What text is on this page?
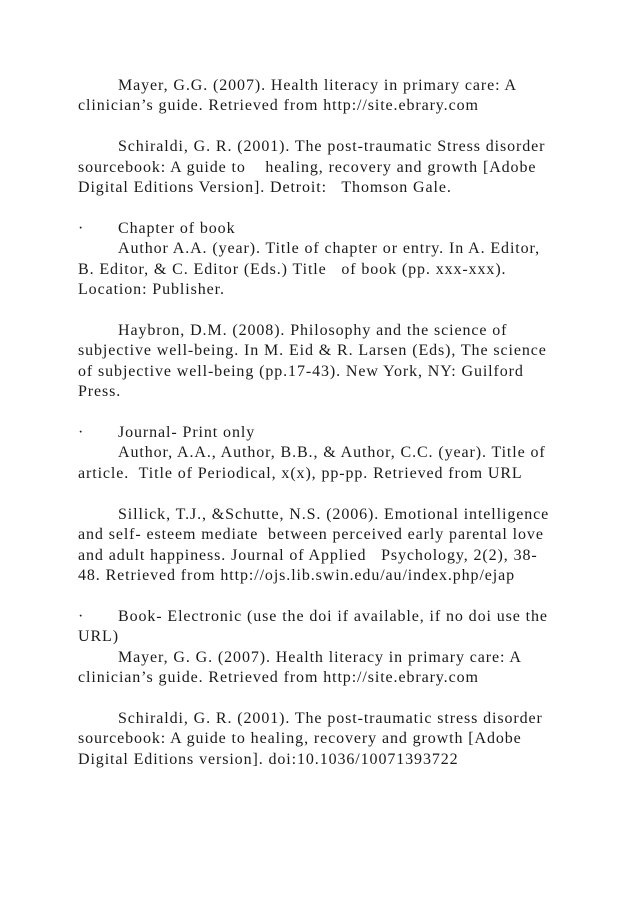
Mayer, G.G. (2007). Health literacy in primary care: A
clinician’s guide. Retrieved from http://site.ebrary.com
Schiraldi, G. R. (2001). The post-traumatic Stress disorder
sourcebook: A guide to    healing, recovery and growth [Adobe
Digital Editions Version]. Detroit:   Thomson Gale.
· Chapter of book
Author A.A. (year). Title of chapter or entry. In A. Editor,
B. Editor, & C. Editor (Eds.) Title   of book (pp. xxx-xxx).
Location: Publisher.
Haybron, D.M. (2008). Philosophy and the science of
subjective well-being. In M. Eid & R. Larsen (Eds), The science
of subjective well-being (pp.17-43). New York, NY: Guilford
Press.
· Journal- Print only
Author, A.A., Author, B.B., & Author, C.C. (year). Title of
article.  Title of Periodical, x(x), pp-pp. Retrieved from URL
Sillick, T.J., &Schutte, N.S. (2006). Emotional intelligence
and self- esteem mediate  between perceived early parental love
and adult happiness. Journal of Applied   Psychology, 2(2), 38-
48. Retrieved from http://ojs.lib.swin.edu/au/index.php/ejap
· Book- Electronic (use the doi if available, if no doi use the
URL)
Mayer, G. G. (2007). Health literacy in primary care: A
clinician’s guide. Retrieved from http://site.ebrary.com
Schiraldi, G. R. (2001). The post-traumatic stress disorder
sourcebook: A guide to healing, recovery and growth [Adobe
Digital Editions version]. doi:10.1036/10071393722
